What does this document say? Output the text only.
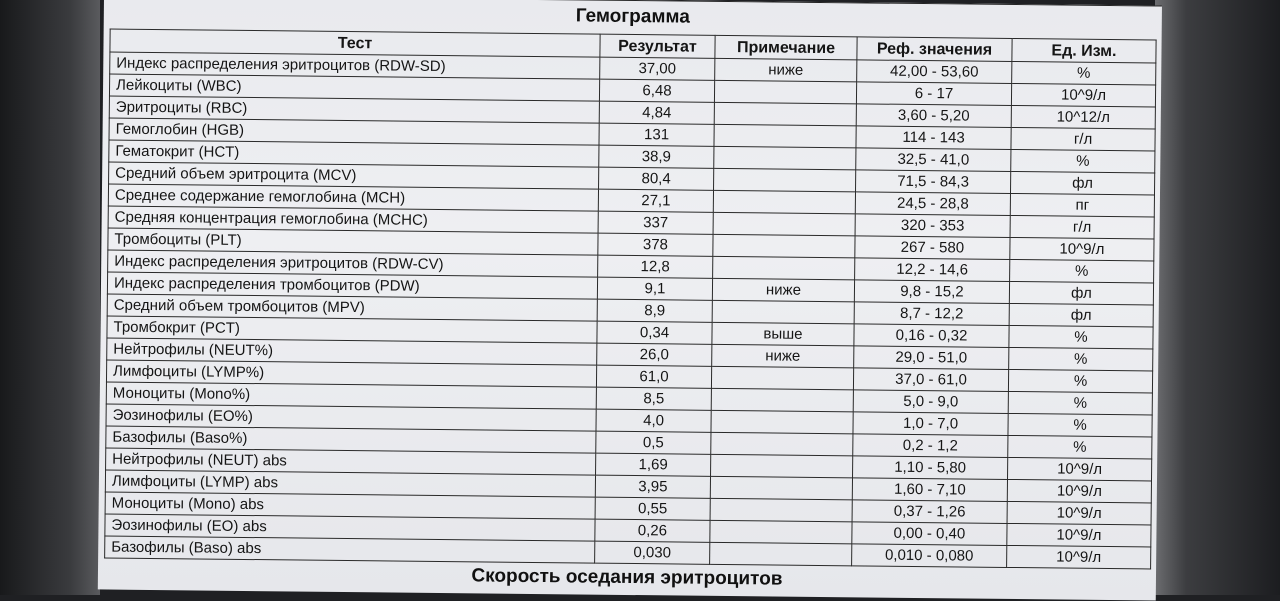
Гемограмма
Тест	Результат	Примечание	Реф. значения	Ед. Изм.
Индекс распределения эритроцитов (RDW-SD)	37,00	ниже	42,00 - 53,60	%
Лейкоциты (WBC)	6,48		6 - 17	10^9/л
Эритроциты (RBC)	4,84		3,60 - 5,20	10^12/л
Гемоглобин (HGB)	131		114 - 143	г/л
Гематокрит (HCT)	38,9		32,5 - 41,0	%
Средний объем эритроцита (MCV)	80,4		71,5 - 84,3	фл
Среднее содержание гемоглобина (MCH)	27,1		24,5 - 28,8	пг
Средняя концентрация гемоглобина (MCHC)	337		320 - 353	г/л
Тромбоциты (PLT)	378		267 - 580	10^9/л
Индекс распределения эритроцитов (RDW-CV)	12,8		12,2 - 14,6	%
Индекс распределения тромбоцитов (PDW)	9,1	ниже	9,8 - 15,2	фл
Средний объем тромбоцитов (MPV)	8,9		8,7 - 12,2	фл
Тромбокрит (PCT)	0,34	выше	0,16 - 0,32	%
Нейтрофилы (NEUT%)	26,0	ниже	29,0 - 51,0	%
Лимфоциты (LYMP%)	61,0		37,0 - 61,0	%
Моноциты (Mono%)	8,5		5,0 - 9,0	%
Эозинофилы (EO%)	4,0		1,0 - 7,0	%
Базофилы (Baso%)	0,5		0,2 - 1,2	%
Нейтрофилы (NEUT) abs	1,69		1,10 - 5,80	10^9/л
Лимфоциты (LYMP) abs	3,95		1,60 - 7,10	10^9/л
Моноциты (Mono) abs	0,55		0,37 - 1,26	10^9/л
Эозинофилы (EO) abs	0,26		0,00 - 0,40	10^9/л
Базофилы (Baso) abs	0,030		0,010 - 0,080	10^9/л
Скорость оседания эритроцитов
